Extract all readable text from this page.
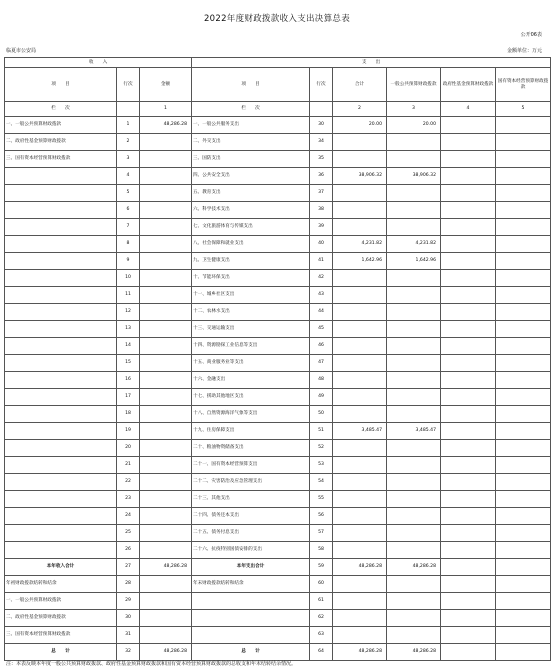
2022年度财政拨款收入支出决算总表
公开06表
临夏市公安局	金额单位：万元
收　　入			支　　出					
项　　目	行次	金额	项　　目	行次	合计	一般公共预算财政拨款	政府性基金预算财政拨款	国有资本经营预算财政拨款
栏　　次		1	栏　　次		2	3	4	5
一、一般公共预算财政拨款	1	48,286.28	一、一般公共服务支出	30	20.00	20.00		
二、政府性基金预算财政拨款	2		二、外交支出	34				
三、国有资本经营预算财政拨款	3		三、国防支出	35				
	4		四、公共安全支出	36	38,906.32	38,906.32		
	5		五、教育支出	37				
	6		六、科学技术支出	38				
	7		七、文化旅游体育与传媒支出	39				
	8		八、社会保障和就业支出	40	4,231.82	4,231.82		
	9		九、卫生健康支出	41	1,642.96	1,642.96		
	10		十、节能环保支出	42				
	11		十一、城乡社区支出	43				
	12		十二、农林水支出	44				
	13		十三、交通运输支出	45				
	14		十四、资源勘探工业信息等支出	46				
	15		十五、商业服务业等支出	47				
	16		十六、金融支出	48				
	17		十七、援助其他地区支出	49				
	18		十八、自然资源海洋气象等支出	50				
	19		十九、住房保障支出	51	3,485.47	3,485.47		
	20		二十、粮油物资储备支出	52				
	21		二十一、国有资本经营预算支出	53				
	22		二十二、灾害防治及应急管理支出	54				
	23		二十三、其他支出	55				
	24		二十四、债务还本支出	56				
	25		二十五、债务付息支出	57				
	26		二十六、抗疫特别国债安排的支出	58				
本年收入合计	27	48,286.28	本年支出合计	59	48,286.28	48,286.28		
年初财政拨款结转和结余	28		年末财政拨款结转和结余	60				
一、一般公共预算财政拨款	29			61				
二、政府性基金预算财政拨款	30			62				
三、国有资本经营预算财政拨款	31			63				
总　　计	32	48,286.28	总　　计	64	48,286.28	48,286.28		
注：本表反映本年度一般公共预算财政拨款、政府性基金预算财政拨款和国有资本经营预算财政拨款的总收支和年末结转结余情况。
